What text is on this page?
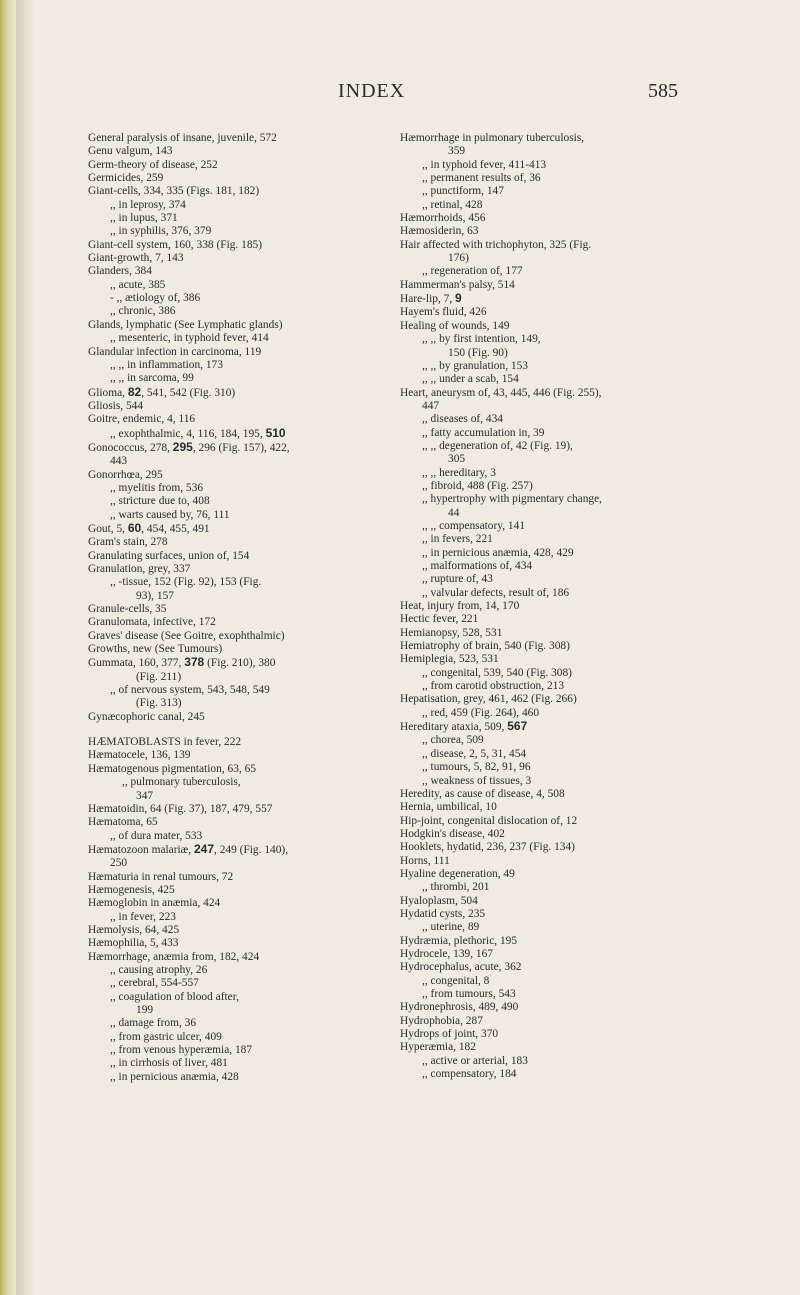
INDEX	585
General paralysis of insane, juvenile, 572
Genu valgum, 143
Germ-theory of disease, 252
Germicides, 259
Giant-cells, 334, 335 (Figs. 181, 182)
,, in leprosy, 374
,, in lupus, 371
,, in syphilis, 376, 379
Giant-cell system, 160, 338 (Fig. 185)
Giant-growth, 7, 143
Glanders, 384
,, acute, 385
- ,, ætiology of, 386
,, chronic, 386
Glands, lymphatic (See Lymphatic glands)
,, mesenteric, in typhoid fever, 414
Glandular infection in carcinoma, 119
,, ,, in inflammation, 173
,, ,, in sarcoma, 99
Glioma, 82, 541, 542 (Fig. 310)
Gliosis, 544
Goitre, endemic, 4, 116
,, exophthalmic, 4, 116, 184, 195, 510
Gonococcus, 278, 295, 296 (Fig. 157), 422,
443
Gonorrhœa, 295
,, myelitis from, 536
,, stricture due to, 408
,, warts caused by, 76, 111
Gout, 5, 60, 454, 455, 491
Gram's stain, 278
Granulating surfaces, union of, 154
Granulation, grey, 337
,, -tissue, 152 (Fig. 92), 153 (Fig.
93), 157
Granule-cells, 35
Granulomata, infective, 172
Graves' disease (See Goitre, exophthalmic)
Growths, new (See Tumours)
Gummata, 160, 377, 378 (Fig. 210), 380
(Fig. 211)
,, of nervous system, 543, 548, 549
(Fig. 313)
Gynæcophoric canal, 245
HÆMATOBLASTS in fever, 222
Hæmatocele, 136, 139
Hæmatogenous pigmentation, 63, 65
,, pulmonary tuberculosis,
347
Hæmatoidin, 64 (Fig. 37), 187, 479, 557
Hæmatoma, 65
,, of dura mater, 533
Hæmatozoon malariæ, 247, 249 (Fig. 140),
250
Hæmaturia in renal tumours, 72
Hæmogenesis, 425
Hæmoglobin in anæmia, 424
,, in fever, 223
Hæmolysis, 64, 425
Hæmophilia, 5, 433
Hæmorrhage, anæmia from, 182, 424
,, causing atrophy, 26
,, cerebral, 554-557
,, coagulation of blood after,
199
,, damage from, 36
,, from gastric ulcer, 409
,, from venous hyperæmia, 187
,, in cirrhosis of liver, 481
,, in pernicious anæmia, 428
Hæmorrhage in pulmonary tuberculosis,
359
,, in typhoid fever, 411-413
,, permanent results of, 36
,, punctiform, 147
,, retinal, 428
Hæmorrhoids, 456
Hæmosiderin, 63
Hair affected with trichophyton, 325 (Fig.
176)
,, regeneration of, 177
Hammerman's palsy, 514
Hare-lip, 7, 9
Hayem's fluid, 426
Healing of wounds, 149
,, ,, by first intention, 149,
150 (Fig. 90)
,, ,, by granulation, 153
,, ,, under a scab, 154
Heart, aneurysm of, 43, 445, 446 (Fig. 255),
447
,, diseases of, 434
,, fatty accumulation in, 39
,, ,, degeneration of, 42 (Fig. 19),
305
,, ,, hereditary, 3
,, fibroid, 488 (Fig. 257)
,, hypertrophy with pigmentary change,
44
,, ,, compensatory, 141
,, in fevers, 221
,, in pernicious anæmia, 428, 429
,, malformations of, 434
,, rupture of, 43
,, valvular defects, result of, 186
Heat, injury from, 14, 170
Hectic fever, 221
Hemianopsy, 528, 531
Hemiatrophy of brain, 540 (Fig. 308)
Hemiplegia, 523, 531
,, congenital, 539, 540 (Fig. 308)
,, from carotid obstruction, 213
Hepatisation, grey, 461, 462 (Fig. 266)
,, red, 459 (Fig. 264), 460
Hereditary ataxia, 509, 567
,, chorea, 509
,, disease, 2, 5, 31, 454
,, tumours, 5, 82, 91, 96
,, weakness of tissues, 3
Heredity, as cause of disease, 4, 508
Hernia, umbilical, 10
Hip-joint, congenital dislocation of, 12
Hodgkin's disease, 402
Hooklets, hydatid, 236, 237 (Fig. 134)
Horns, 111
Hyaline degeneration, 49
,, thrombi, 201
Hyaloplasm, 504
Hydatid cysts, 235
,, uterine, 89
Hydræmia, plethoric, 195
Hydrocele, 139, 167
Hydrocephalus, acute, 362
,, congenital, 8
,, from tumours, 543
Hydronephrosis, 489, 490
Hydrophobia, 287
Hydrops of joint, 370
Hyperæmia, 182
,, active or arterial, 183
,, compensatory, 184
